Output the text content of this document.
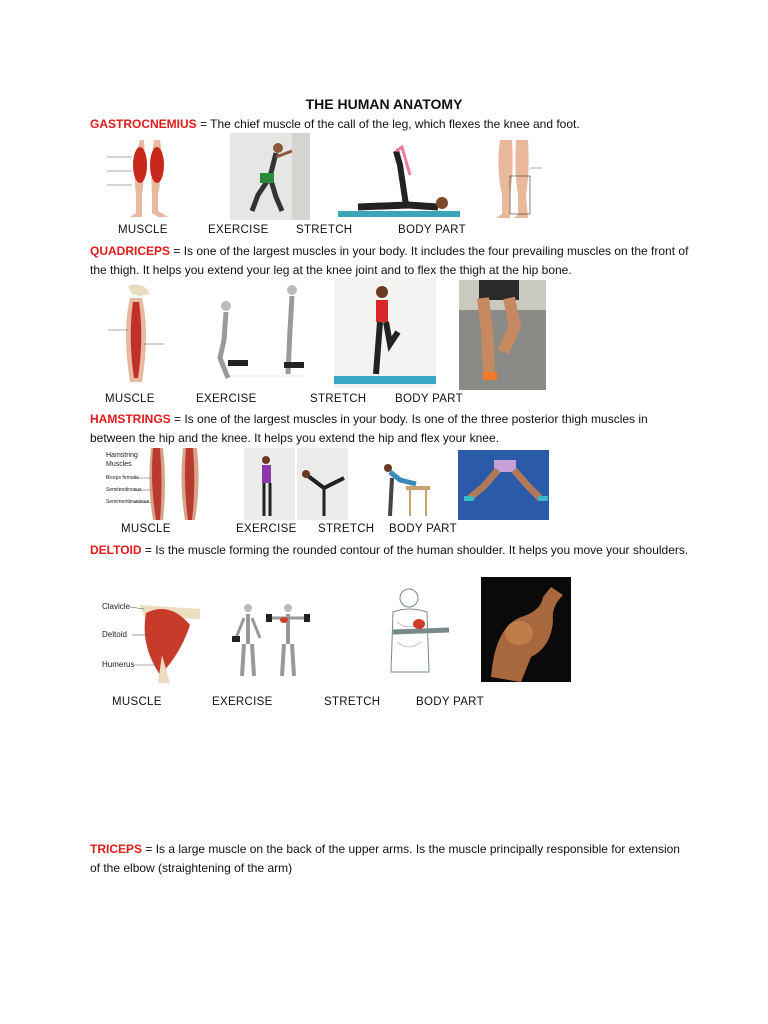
THE HUMAN ANATOMY
GASTROCNEMIUS = The chief muscle of the call of the leg, which flexes the knee and foot.
MUSCLE	EXERCISE STRETCH	BODY PART
QUADRICEPS = Is one of the largest muscles in your body. It includes the four prevailing muscles on the front of the thigh. It helps you extend your leg at the knee joint and to flex the thigh at the hip bone.
MUSCLE	EXERCISE	STRETCH BODY PART
HAMSTRINGS = Is one of the largest muscles in your body. Is one of the three posterior thigh muscles in between the hip and the knee. It helps you extend the hip and flex your knee.
Hamstring Muscles
Biceps femoris
Semitendinosus
Semimembranosus
MUSCLE	EXERCISE STRETCH BODY PART
DELTOID = Is the muscle forming the rounded contour of the human shoulder. It helps you move your shoulders.
Clavicle
Deltoid
Humerus
MUSCLE	EXERCISE	STRETCH	BODY PART
TRICEPS = Is a large muscle on the back of the upper arms. Is the muscle principally responsible for extension of the elbow (straightening of the arm)
